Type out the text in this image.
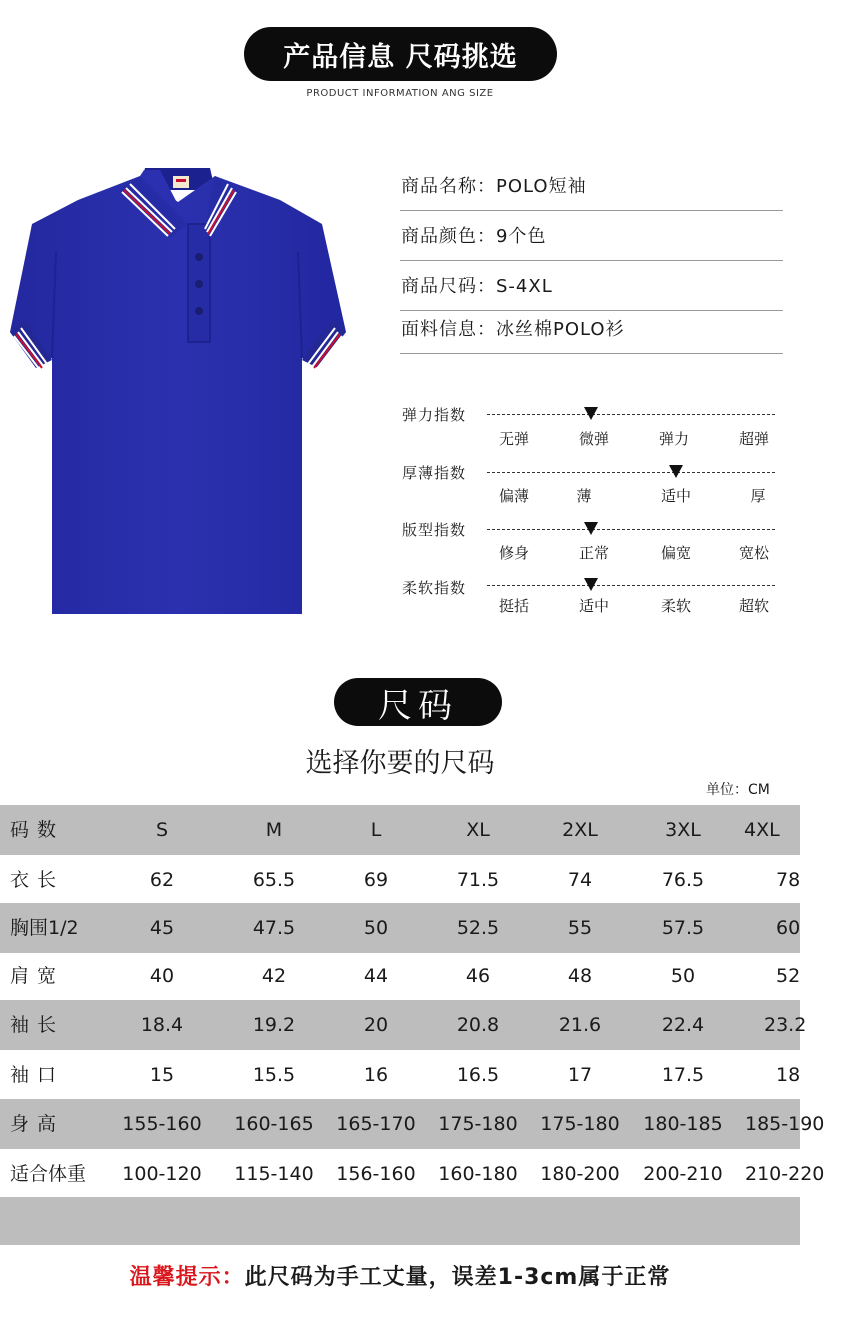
产品信息 尺码挑选
PRODUCT INFORMATION ANG SIZE
商品名称：POLO短袖
商品颜色：9个色
商品尺码：S-4XL
面料信息：冰丝棉POLO衫
弹力指数
无弹	微弹	弹力	超弹
厚薄指数
偏薄	薄	适中	厚
版型指数
修身	正常	偏宽	宽松
柔软指数
挺括	适中	柔软	超软
尺码
选择你要的尺码
单位：CM
码 数	S	M	L	XL	2XL	3XL	4XL
衣 长	62	65.5	69	71.5	74	76.5	78
胸围1/2	45	47.5	50	52.5	55	57.5	60
肩 宽	40	42	44	46	48	50	52
袖 长	18.4	19.2	20	20.8	21.6	22.4	23.2
袖 口	15	15.5	16	16.5	17	17.5	18
身 高	155-160 160-165 165-170 175-180 175-180 180-185 185-190
适合体重	100-120 115-140 156-160 160-180 180-200 200-210 210-220
温馨提示：此尺码为手工丈量，误差1-3cm属于正常
